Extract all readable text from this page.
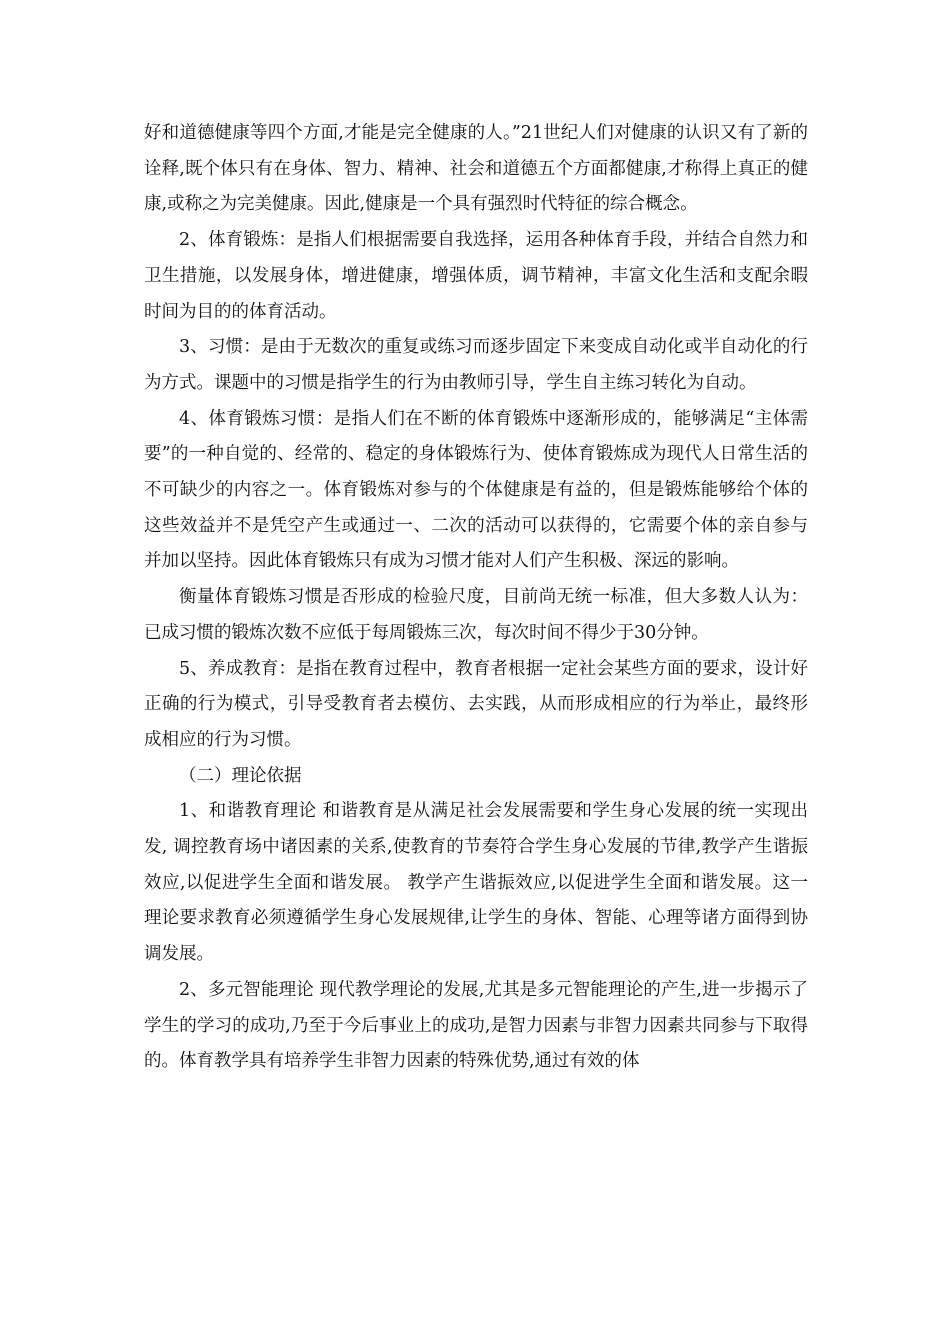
好和道德健康等四个方面,才能是完全健康的人。”21世纪人们对健康的认识又有了新的诠释,既个体只有在身体、智力、精神、社会和道德五个方面都健康,才称得上真正的健康,或称之为完美健康。因此,健康是一个具有强烈时代特征的综合概念。

2、体育锻炼：是指人们根据需要自我选择，运用各种体育手段，并结合自然力和卫生措施，以发展身体，增进健康，增强体质，调节精神，丰富文化生活和支配余暇时间为目的的体育活动。

3、习惯：是由于无数次的重复或练习而逐步固定下来变成自动化或半自动化的行为方式。课题中的习惯是指学生的行为由教师引导，学生自主练习转化为自动。

4、体育锻炼习惯：是指人们在不断的体育锻炼中逐渐形成的，能够满足“主体需要”的一种自觉的、经常的、稳定的身体锻炼行为、使体育锻炼成为现代人日常生活的不可缺少的内容之一。体育锻炼对参与的个体健康是有益的，但是锻炼能够给个体的这些效益并不是凭空产生或通过一、二次的活动可以获得的，它需要个体的亲自参与并加以坚持。因此体育锻炼只有成为习惯才能对人们产生积极、深远的影响。

衡量体育锻炼习惯是否形成的检验尺度，目前尚无统一标准，但大多数人认为：已成习惯的锻炼次数不应低于每周锻炼三次，每次时间不得少于30分钟。

5、养成教育：是指在教育过程中，教育者根据一定社会某些方面的要求，设计好正确的行为模式，引导受教育者去模仿、去实践，从而形成相应的行为举止，最终形成相应的行为习惯。

（二）理论依据

1、和谐教育理论 和谐教育是从满足社会发展需要和学生身心发展的统一实现出发, 调控教育场中诸因素的关系,使教育的节奏符合学生身心发展的节律,教学产生谐振效应,以促进学生全面和谐发展。 教学产生谐振效应,以促进学生全面和谐发展。这一理论要求教育必须遵循学生身心发展规律,让学生的身体、智能、心理等诸方面得到协调发展。

2、多元智能理论 现代教学理论的发展,尤其是多元智能理论的产生,进一步揭示了学生的学习的成功,乃至于今后事业上的成功,是智力因素与非智力因素共同参与下取得的。体育教学具有培养学生非智力因素的特殊优势,通过有效的体
